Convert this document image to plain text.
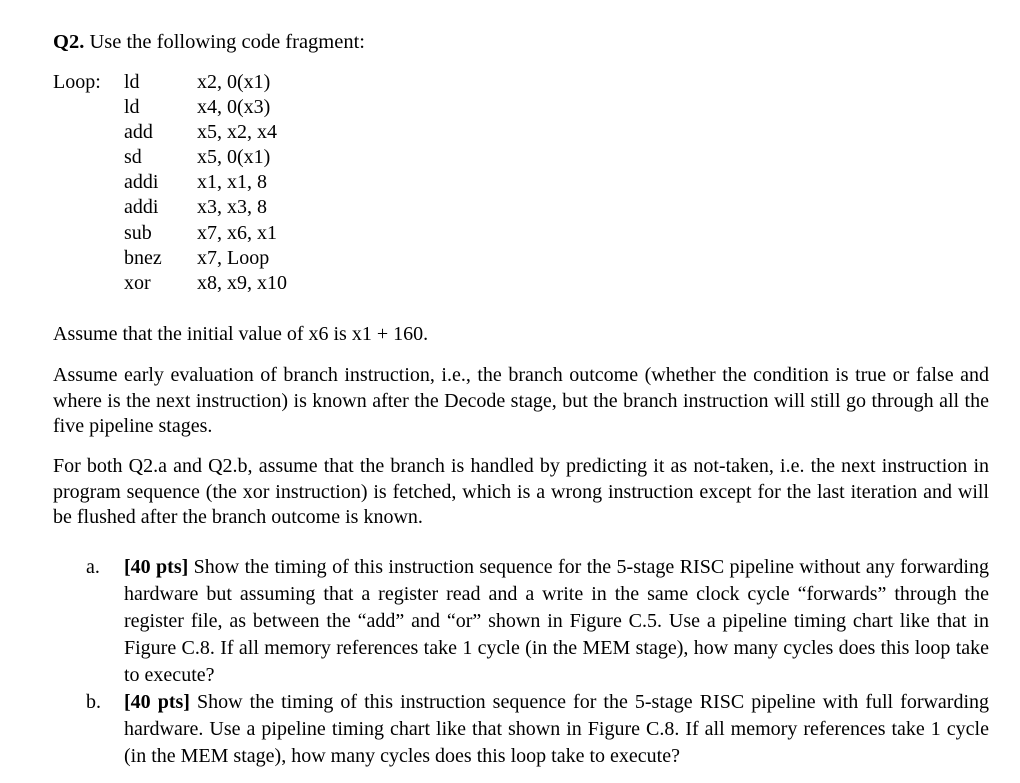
Q2. Use the following code fragment:
Loop: ld	x2, 0(x1)
ld	x4, 0(x3)
add x5, x2, x4
sd	x5, 0(x1)
addi x1, x1, 8
addi x3, x3, 8
sub x7, x6, x1
bnez x7, Loop
xor x8, x9, x10

Assume that the initial value of x6 is x1 + 160.

Assume early evaluation of branch instruction, i.e., the branch outcome (whether the condition is true or false and where is the next instruction) is known after the Decode stage, but the branch instruction will still go through all the five pipeline stages.

For both Q2.a and Q2.b, assume that the branch is handled by predicting it as not-taken, i.e. the next instruction in program sequence (the xor instruction) is fetched, which is a wrong instruction except for the last iteration and will be flushed after the branch outcome is known.

a. [40 pts] Show the timing of this instruction sequence for the 5-stage RISC pipeline without any forwarding hardware but assuming that a register read and a write in the same clock cycle “forwards” through the register file, as between the “add” and “or” shown in Figure C.5. Use a pipeline timing chart like that in Figure C.8. If all memory references take 1 cycle (in the MEM stage), how many cycles does this loop take to execute?
b. [40 pts] Show the timing of this instruction sequence for the 5-stage RISC pipeline with full forwarding hardware. Use a pipeline timing chart like that shown in Figure C.8. If all memory references take 1 cycle (in the MEM stage), how many cycles does this loop take to execute?
